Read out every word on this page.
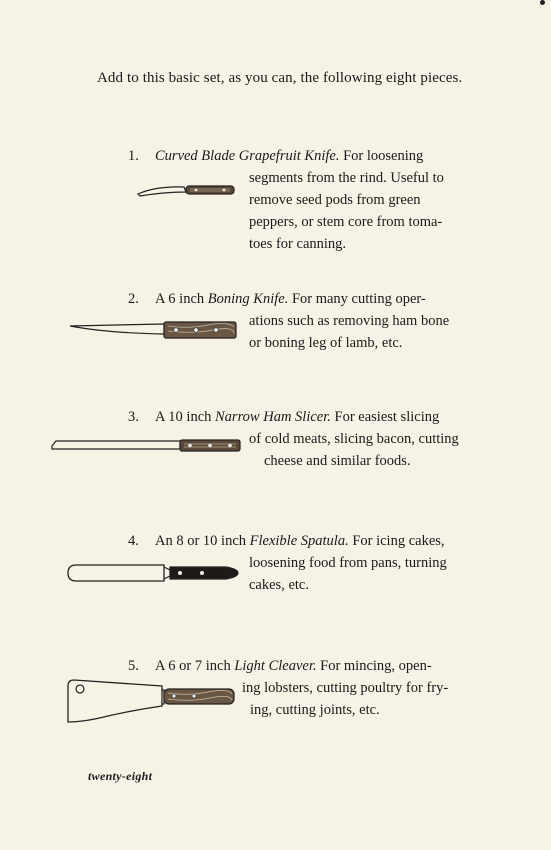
Add to this basic set, as you can, the following eight pieces.
1. Curved Blade Grapefruit Knife. For loosening
segments from the rind. Useful to
remove seed pods from green
peppers, or stem core from toma-
toes for canning.
2. A 6 inch Boning Knife. For many cutting oper-
ations such as removing ham bone
or boning leg of lamb, etc.
3. A 10 inch Narrow Ham Slicer. For easiest slicing
of cold meats, slicing bacon, cutting
cheese and similar foods.
4. An 8 or 10 inch Flexible Spatula. For icing cakes,
loosening food from pans, turning
cakes, etc.
5. A 6 or 7 inch Light Cleaver. For mincing, open-
ing lobsters, cutting poultry for fry-
ing, cutting joints, etc.
twenty-eight
